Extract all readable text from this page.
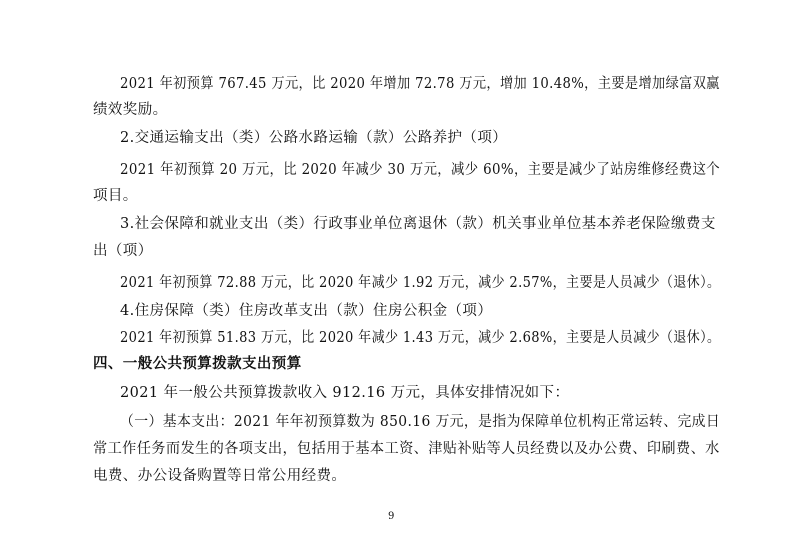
2021 年初预算 767.45 万元，比 2020 年增加 72.78 万元，增加 10.48%，主要是增加绿富双赢
绩效奖励。
2.交通运输支出（类）公路水路运输（款）公路养护（项）
2021 年初预算 20 万元，比 2020 年减少 30 万元，减少 60%，主要是减少了站房维修经费这个
项目。
3.社会保障和就业支出（类）行政事业单位离退休（款）机关事业单位基本养老保险缴费支
出（项）
2021 年初预算 72.88 万元，比 2020 年减少 1.92 万元，减少 2.57%，主要是人员减少（退休）。
4.住房保障（类）住房改革支出（款）住房公积金（项）
2021 年初预算 51.83 万元，比 2020 年减少 1.43 万元，减少 2.68%，主要是人员减少（退休）。
四、一般公共预算拨款支出预算
2021 年一般公共预算拨款收入 912.16 万元，具体安排情况如下：
（一）基本支出：2021 年年初预算数为 850.16 万元，是指为保障单位机构正常运转、完成日
常工作任务而发生的各项支出，包括用于基本工资、津贴补贴等人员经费以及办公费、印刷费、水
电费、办公设备购置等日常公用经费。
9
